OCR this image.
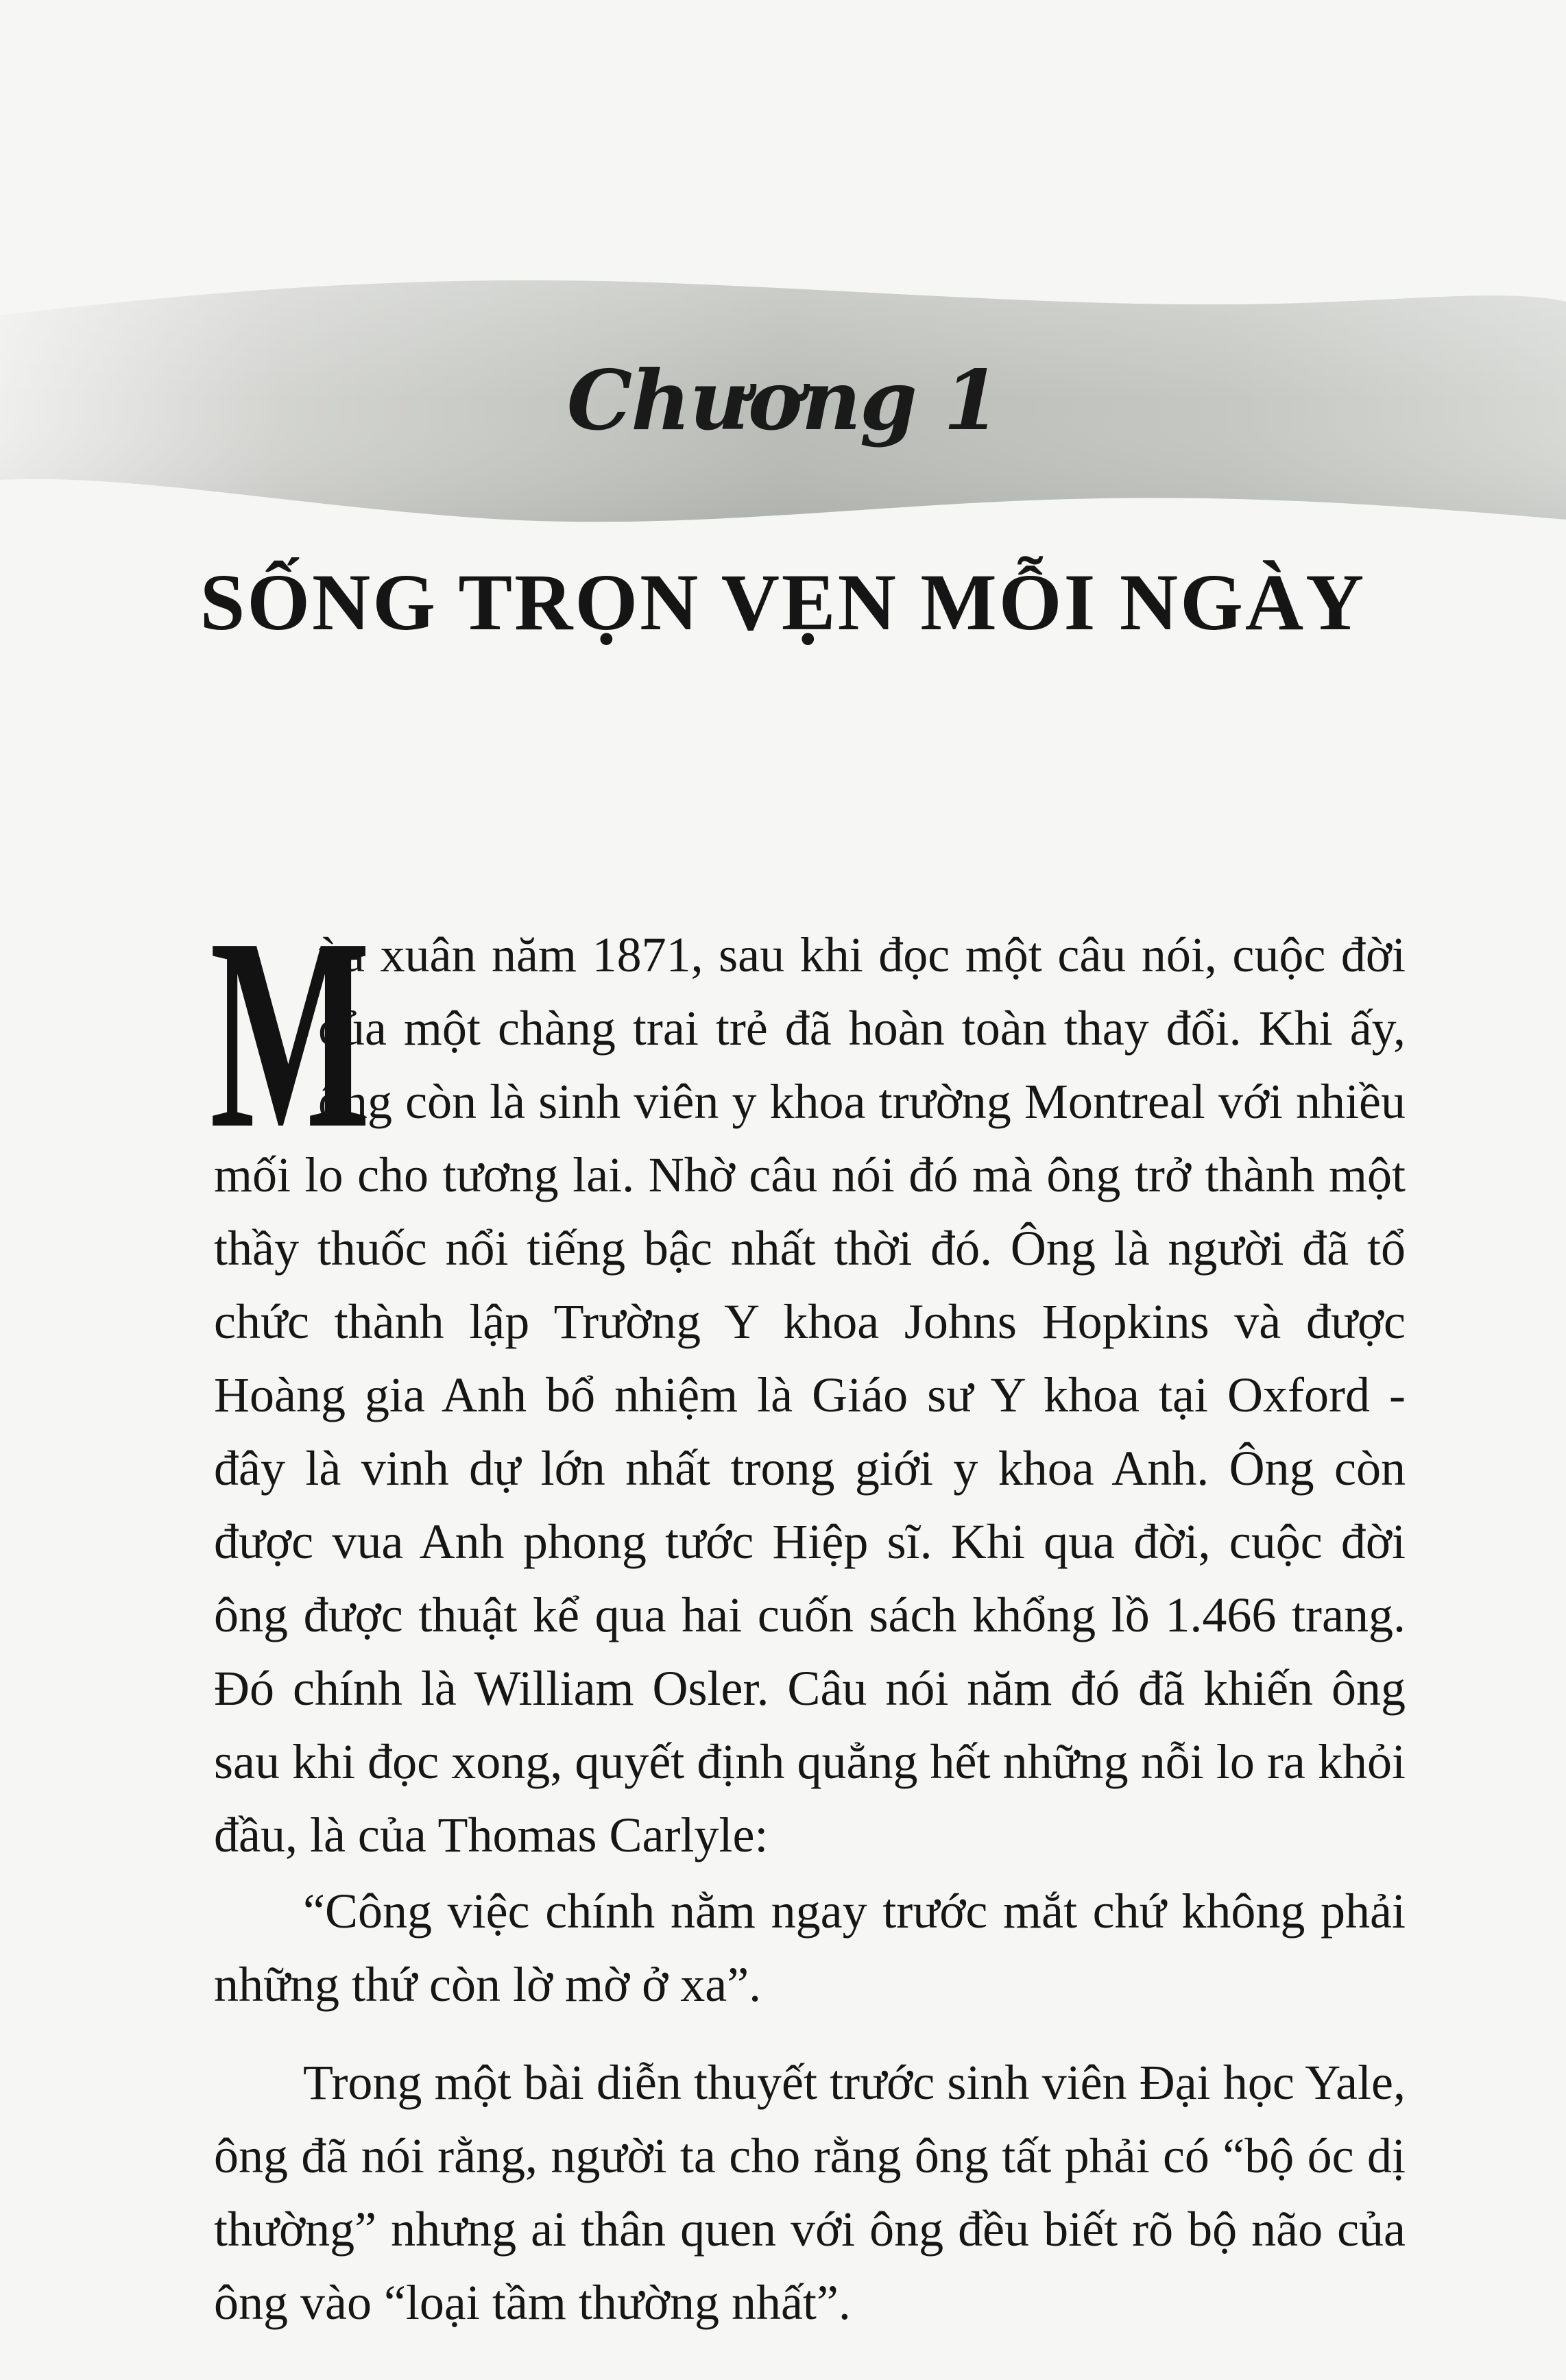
Chương 1
SỐNG TRỌN VẸN MỖI NGÀY

M
ùa xuân năm 1871, sau khi đọc một câu nói, cuộc đời của một chàng trai trẻ đã hoàn toàn thay đổi. Khi ấy, ông còn là sinh viên y khoa trường Montreal với nhiều mối lo cho tương lai. Nhờ câu nói đó mà ông trở thành một thầy thuốc nổi tiếng bậc nhất thời đó. Ông là người đã tổ chức thành lập Trường Y khoa Johns Hopkins và được Hoàng gia Anh bổ nhiệm là Giáo sư Y khoa tại Oxford - đây là vinh dự lớn nhất trong giới y khoa Anh. Ông còn được vua Anh phong tước Hiệp sĩ. Khi qua đời, cuộc đời ông được thuật kể qua hai cuốn sách khổng lồ 1.466 trang. Đó chính là William Osler. Câu nói năm đó đã khiến ông sau khi đọc xong, quyết định quẳng hết những nỗi lo ra khỏi đầu, là của Thomas Carlyle:

“Công việc chính nằm ngay trước mắt chứ không phải những thứ còn lờ mờ ở xa”.

Trong một bài diễn thuyết trước sinh viên Đại học Yale, ông đã nói rằng, người ta cho rằng ông tất phải có “bộ óc dị thường” nhưng ai thân quen với ông đều biết rõ bộ não của ông vào “loại tầm thường nhất”.
